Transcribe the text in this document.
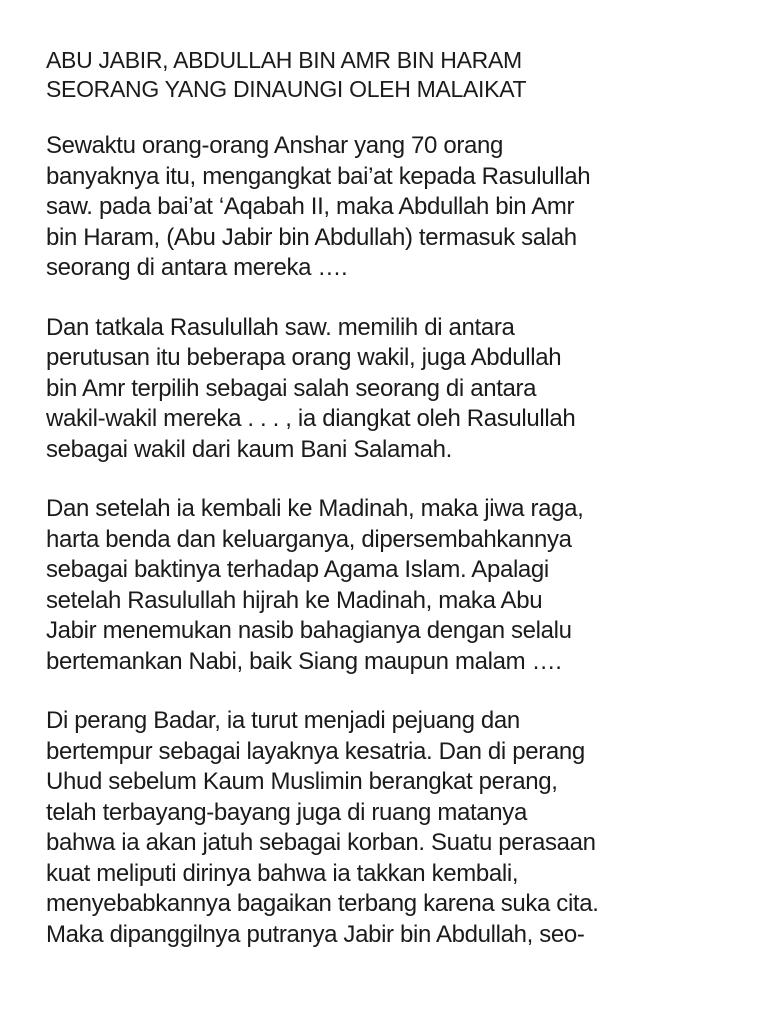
ABU JABIR, ABDULLAH BIN AMR BIN HARAM
SEORANG YANG DINAUNGI OLEH MALAIKAT
Sewaktu orang-orang Anshar yang 70 orang
banyaknya itu, mengangkat bai’at kepada Rasulullah
saw. pada bai’at ‘Aqabah II, maka Abdullah bin Amr
bin Haram, (Abu Jabir bin Abdullah) termasuk salah
seorang di antara mereka ….
Dan tatkala Rasulullah saw. memilih di antara
perutusan itu beberapa orang wakil, juga Abdullah
bin Amr terpilih sebagai salah seorang di antara
wakil-wakil mereka . . . , ia diangkat oleh Rasulullah
sebagai wakil dari kaum Bani Salamah.
Dan setelah ia kembali ke Madinah, maka jiwa raga,
harta benda dan keluarganya, dipersembahkannya
sebagai baktinya terhadap Agama Islam. Apalagi
setelah Rasulullah hijrah ke Madinah, maka Abu
Jabir menemukan nasib bahagianya dengan selalu
bertemankan Nabi, baik Siang maupun malam ….
Di perang Badar, ia turut menjadi pejuang dan
bertempur sebagai layaknya kesatria. Dan di perang
Uhud sebelum Kaum Muslimin berangkat perang,
telah terbayang-bayang juga di ruang matanya
bahwa ia akan jatuh sebagai korban. Suatu perasaan
kuat meliputi dirinya bahwa ia takkan kembali,
menyebabkannya bagaikan terbang karena suka cita.
Maka dipanggilnya putranya Jabir bin Abdullah, seo-
